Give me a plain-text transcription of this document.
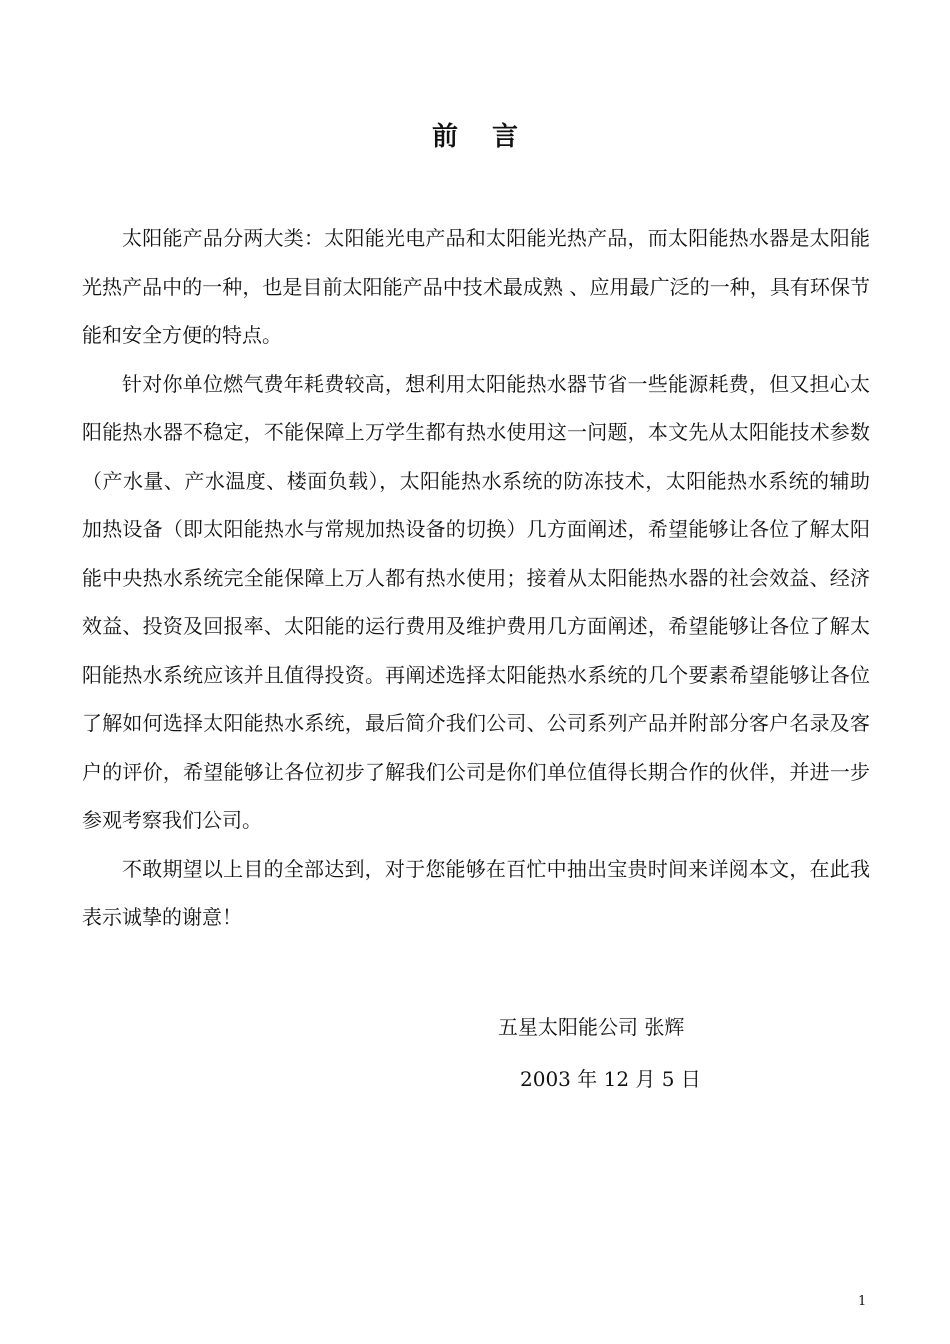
前言

太阳能产品分两大类：太阳能光电产品和太阳能光热产品，而太阳能热水器是太阳能光热产品中的一种，也是目前太阳能产品中技术最成熟 、应用最广泛的一种，具有环保节能和安全方便的特点。

针对你单位燃气费年耗费较高，想利用太阳能热水器节省一些能源耗费，但又担心太阳能热水器不稳定，不能保障上万学生都有热水使用这一问题，本文先从太阳能技术参数（产水量、产水温度、楼面负载），太阳能热水系统的防冻技术，太阳能热水系统的辅助加热设备（即太阳能热水与常规加热设备的切换）几方面阐述，希望能够让各位了解太阳能中央热水系统完全能保障上万人都有热水使用；接着从太阳能热水器的社会效益、经济效益、投资及回报率、太阳能的运行费用及维护费用几方面阐述，希望能够让各位了解太阳能热水系统应该并且值得投资。再阐述选择太阳能热水系统的几个要素希望能够让各位了解如何选择太阳能热水系统，最后简介我们公司、公司系列产品并附部分客户名录及客户的评价，希望能够让各位初步了解我们公司是你们单位值得长期合作的伙伴，并进一步参观考察我们公司。

不敢期望以上目的全部达到，对于您能够在百忙中抽出宝贵时间来详阅本文，在此我表示诚挚的谢意！

五星太阳能公司 张辉
2003 年 12 月 5 日
1
